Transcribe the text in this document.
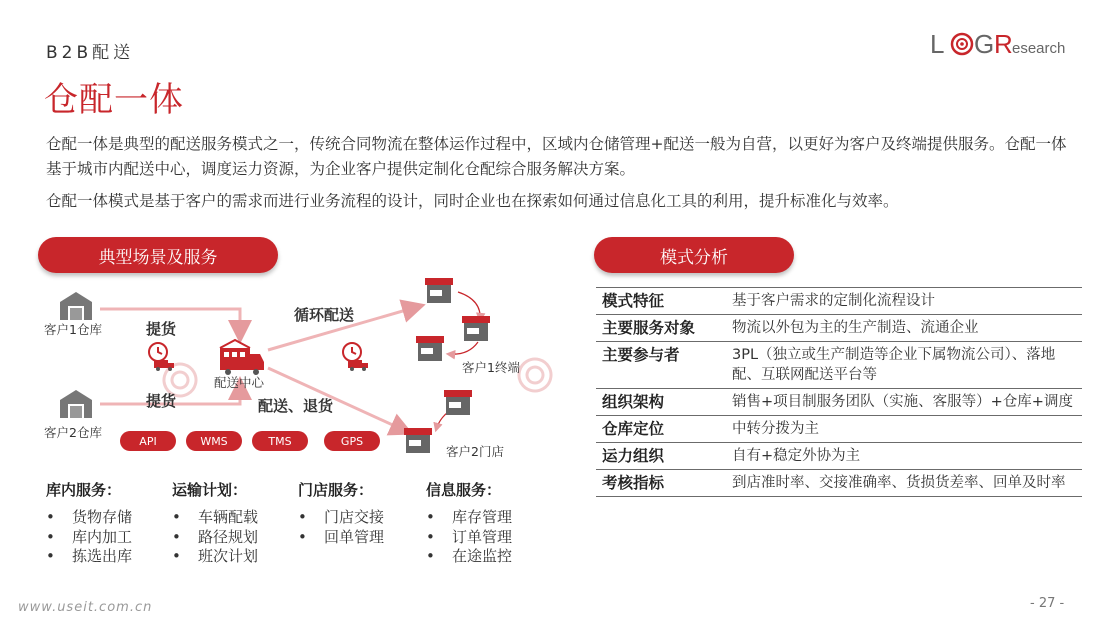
B2B配送
仓配一体
L G R esearch
仓配一体是典型的配送服务模式之一，传统合同物流在整体运作过程中，区域内仓储管理+配送一般为自营，以更好为客户及终端提供服务。仓配一体基于城市内配送中心，调度运力资源，为企业客户提供定制化仓配综合服务解决方案。
仓配一体模式是基于客户的需求而进行业务流程的设计，同时企业也在探索如何通过信息化工具的利用，提升标准化与效率。
典型场景及服务	模式分析
客户1仓库
客户2仓库
提货
提货
配送中心
循环配送
配送、退货
客户1终端
客户2门店
API	WMS	TMS	GPS
库内服务：
• 货物存储
• 库内加工
• 拣选出库
运输计划：
• 车辆配载
• 路径规划
• 班次计划
门店服务：
• 门店交接
• 回单管理
信息服务：
• 库存管理
• 订单管理
• 在途监控
模式特征	基于客户需求的定制化流程设计
主要服务对象	物流以外包为主的生产制造、流通企业
主要参与者	3PL（独立或生产制造等企业下属物流公司）、落地配、互联网配送平台等
组织架构	销售+项目制服务团队（实施、客服等）+仓库+调度
仓库定位	中转分拨为主
运力组织	自有+稳定外协为主
考核指标	到店准时率、交接准确率、货损货差率、回单及时率
www.useit.com.cn	- 27 -
